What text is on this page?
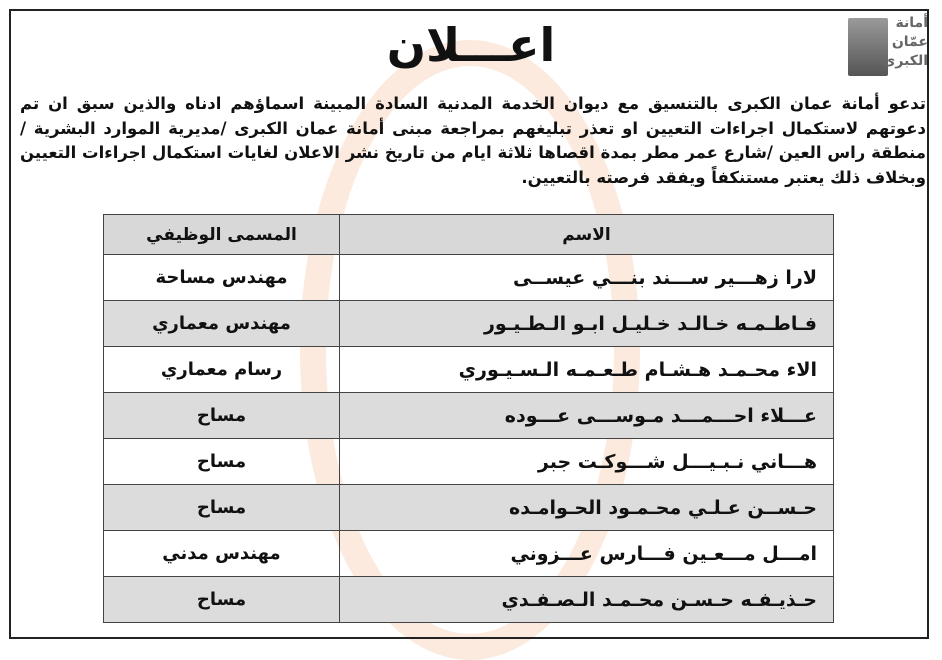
أمانة
عمّان
الكبرى
اعـــلان
تدعو أمانة عمان الكبرى بالتنسيق مع ديوان الخدمة المدنية السادة المبينة اسماؤهم ادناه والذين سبق ان تم دعوتهم لاستكمال اجراءات التعيين او تعذر تبليغهم بمراجعة مبنى أمانة عمان الكبرى /مديرية الموارد البشرية /منطقة راس العين /شارع عمر مطر بمدة اقصاها ثلاثة ايام من تاريخ نشر الاعلان لغايات استكمال اجراءات التعيين وبخلاف ذلك يعتبر مستنكفاً ويفقد فرصته بالتعيين.
الاسم	المسمى الوظيفي
لارا زهـــير ســـند بنـــي عيســى	مهندس مساحة
فـاطـمـه خـالـد خـليـل ابـو الـطـيـور	مهندس معماري
الاء محـمـد هـشـام طـعـمـه الـسـيـوري	رسام معماري
عـــلاء احـــمـــد مـوســـى عـــوده	مساح
هـــاني نـبـيـــل شـــوكـت جبر	مساح
حـســن عـلـي محـمـود الحـوامـده	مساح
امـــل مـــعـين فـــارس عـــزوني	مهندس مدني
حـذيـفـه حـسـن محـمـد الـصـفـدي	مساح
